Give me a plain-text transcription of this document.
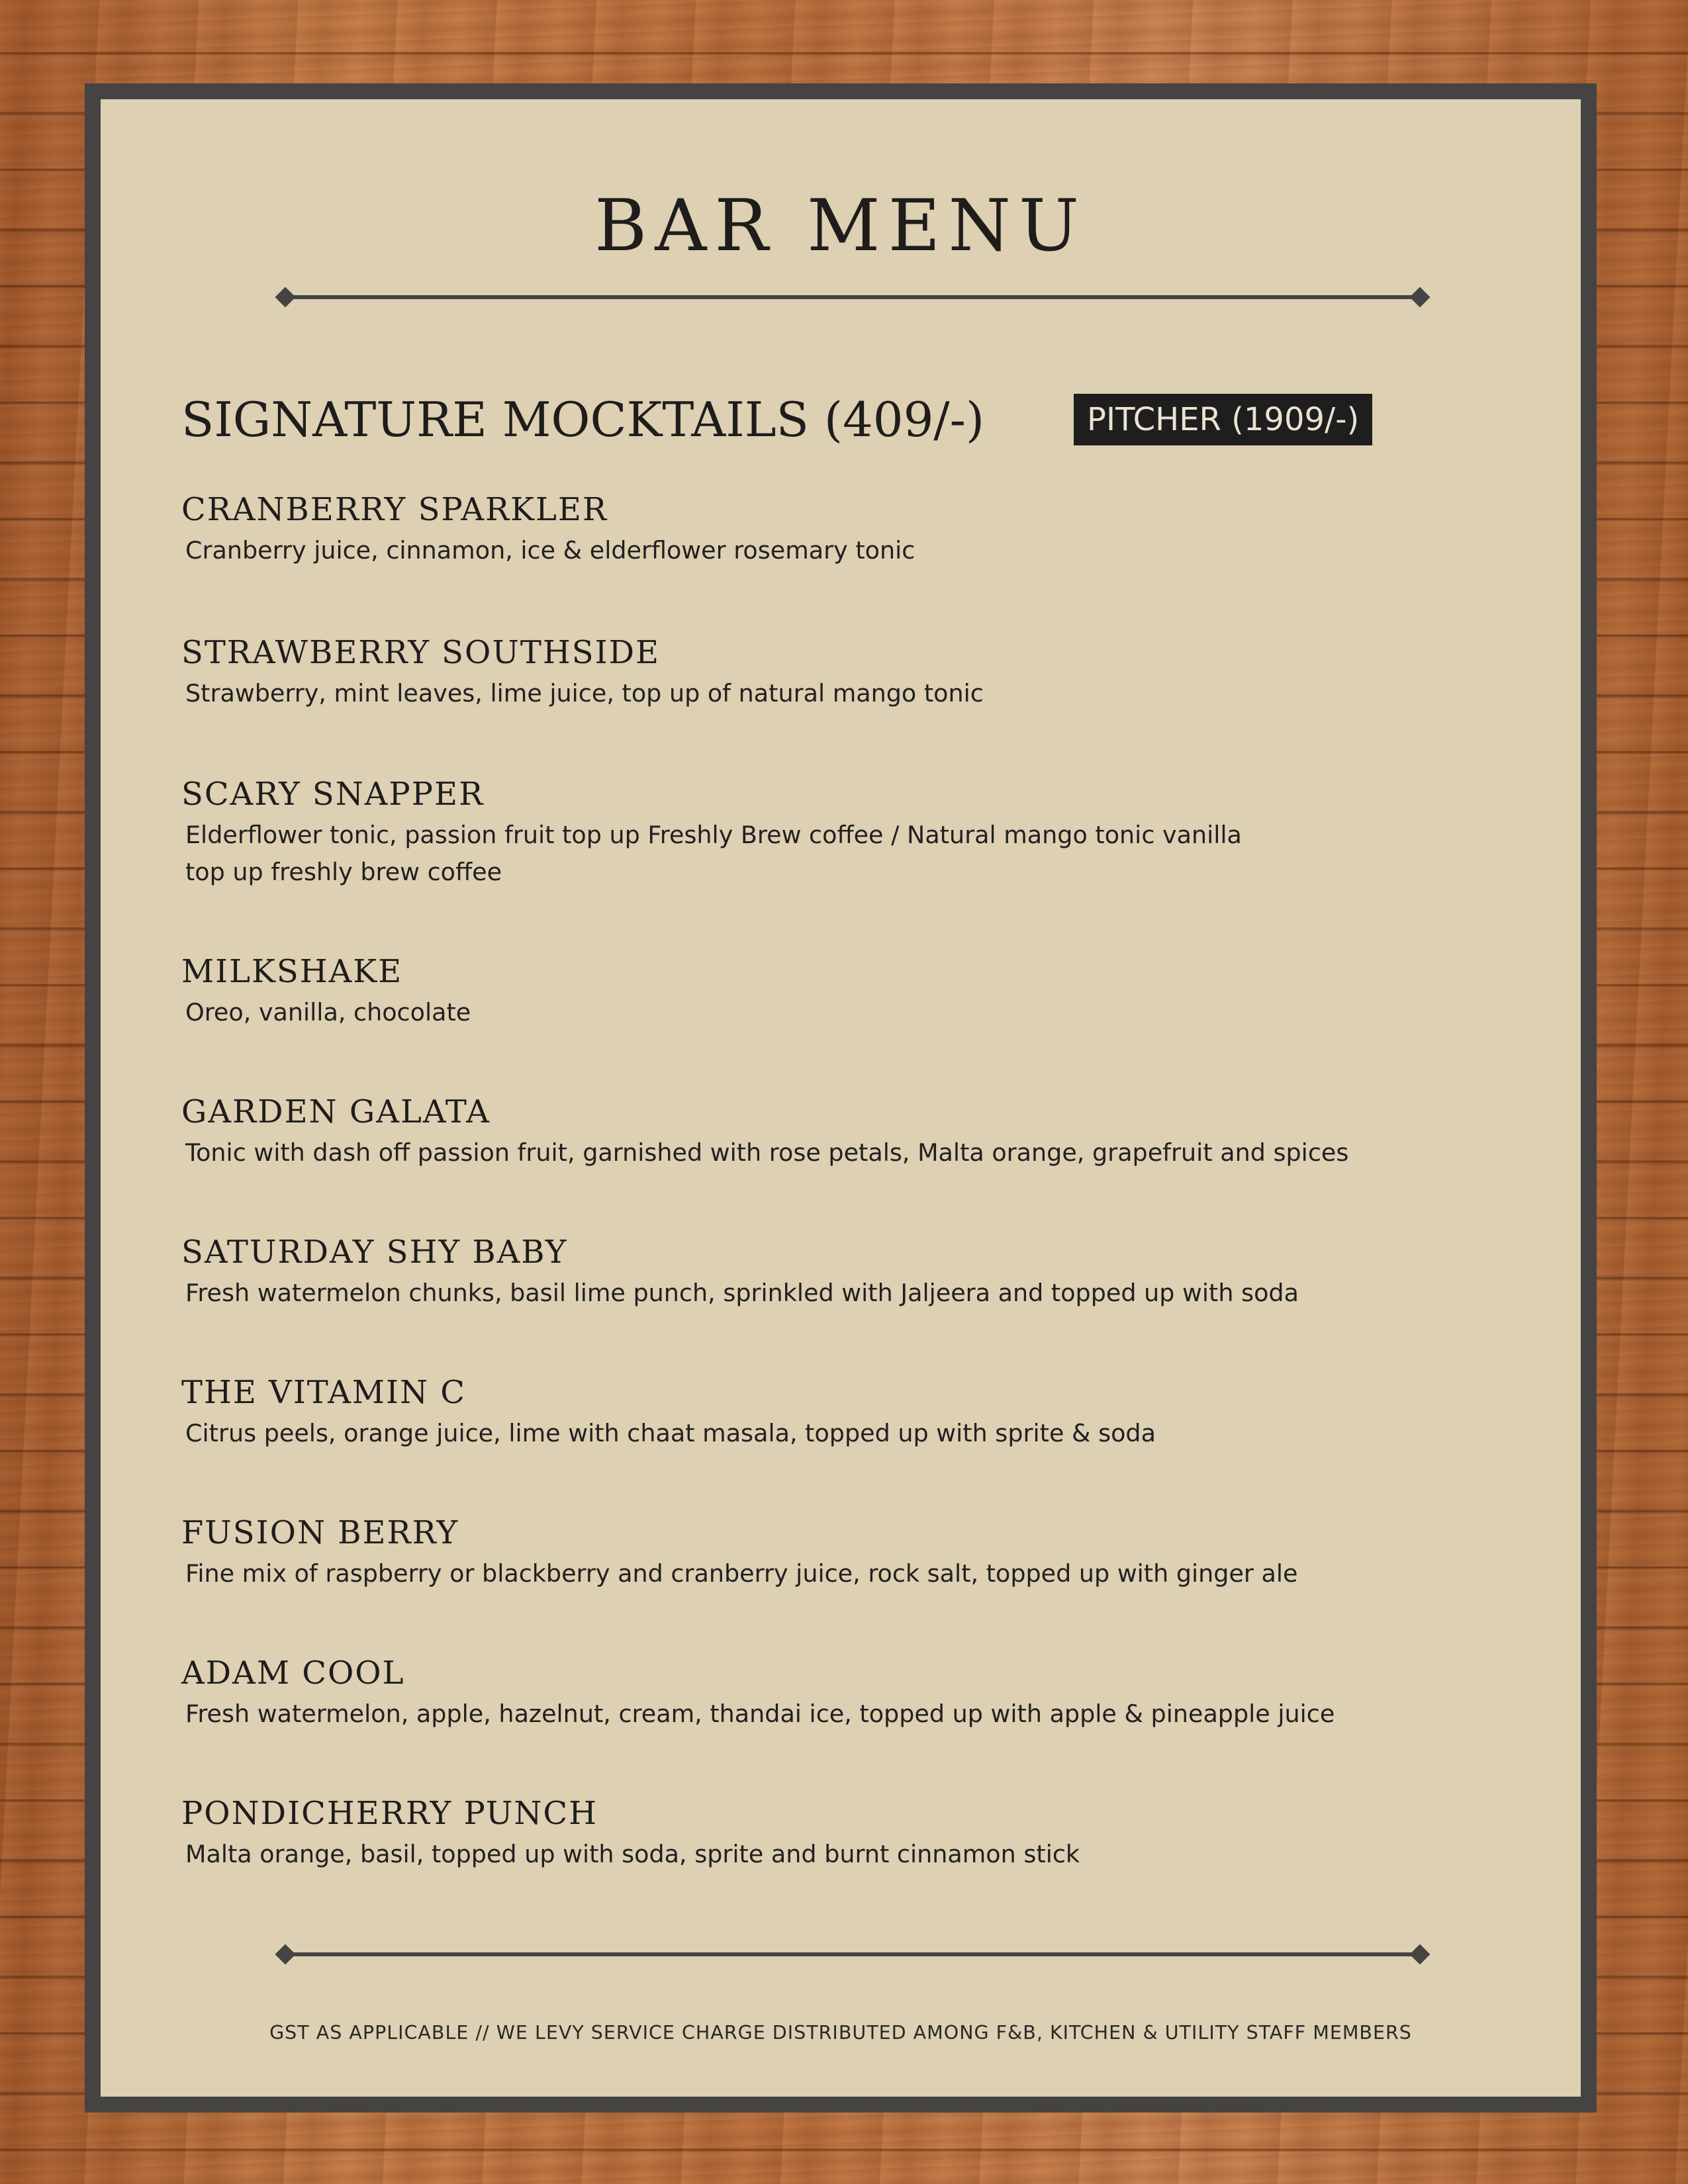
BAR MENU
SIGNATURE MOCKTAILS (409/-)	PITCHER (1909/-)
CRANBERRY SPARKLER
Cranberry juice, cinnamon, ice & elderflower rosemary tonic
STRAWBERRY SOUTHSIDE
Strawberry, mint leaves, lime juice, top up of natural mango tonic
SCARY SNAPPER
Elderflower tonic, passion fruit top up Freshly Brew coffee / Natural mango tonic vanilla
top up freshly brew coffee
MILKSHAKE
Oreo, vanilla, chocolate
GARDEN GALATA
Tonic with dash off passion fruit, garnished with rose petals, Malta orange, grapefruit and spices
SATURDAY SHY BABY
Fresh watermelon chunks, basil lime punch, sprinkled with Jaljeera and topped up with soda
THE VITAMIN C
Citrus peels, orange juice, lime with chaat masala, topped up with sprite & soda
FUSION BERRY
Fine mix of raspberry or blackberry and cranberry juice, rock salt, topped up with ginger ale
ADAM COOL
Fresh watermelon, apple, hazelnut, cream, thandai ice, topped up with apple & pineapple juice
PONDICHERRY PUNCH
Malta orange, basil, topped up with soda, sprite and burnt cinnamon stick
GST AS APPLICABLE // WE LEVY SERVICE CHARGE DISTRIBUTED AMONG F&B, KITCHEN & UTILITY STAFF MEMBERS
